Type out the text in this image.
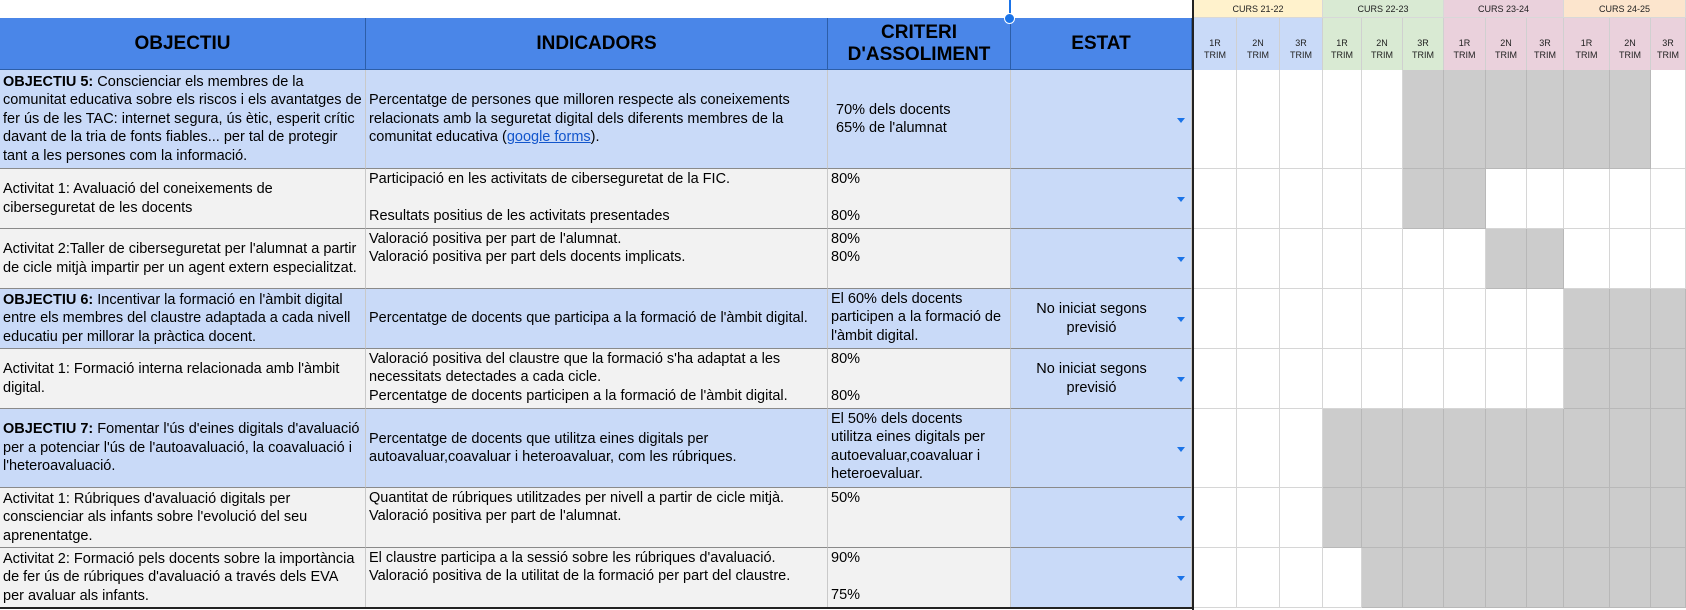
OBJECTIU	INDICADORS
CRITERI D'ASSOLIMENT
ESTAT
CURS 21-22
1R
TRIM
2N
TRIM
3R
TRIM
CURS 22-23
1R
TRIM
2N
TRIM
3R
TRIM
CURS 23-24
1R
TRIM
2N
TRIM
3R
TRIM
CURS 24-25
1R
TRIM
2N
TRIM
3R
TRIM
OBJECTIU 5: Conscienciar els membres de la comunitat educativa sobre els riscos i els avantatges de fer ús de les TAC: internet segura, ús ètic, esperit crític davant de la tria de fonts fiables... per tal de protegir tant a les persones com la informació.
Percentatge de persones que milloren respecte als coneixements relacionats amb la seguretat digital dels diferents membres de la comunitat educativa (google forms).
70% dels docents
65% de l'alumnat
Activitat 1: Avaluació del coneixements de ciberseguretat de les docents
Participació en les activitats de ciberseguretat de la FIC.

Resultats positius de les activitats presentades
80%

80%
Activitat 2:Taller de ciberseguretat per l'alumnat a partir de cicle mitjà impartir per un agent extern especialitzat.
Valoració positiva per part de l'alumnat.
Valoració positiva per part dels docents implicats.
80%
80%
OBJECTIU 6: Incentivar la formació en l'àmbit digital entre els membres del claustre adaptada a cada nivell educatiu per millorar la pràctica docent.
Percentatge de docents que participa a la formació de l'àmbit digital.
El 60% dels docents participen a la formació de l'àmbit digital.
No iniciat segons previsió
Activitat 1: Formació interna relacionada amb l'àmbit digital.
Valoració positiva del claustre que la formació s'ha adaptat a les necessitats detectades a cada cicle.
Percentatge de docents participen a la formació de l'àmbit digital.
80%

80%
No iniciat segons previsió
OBJECTIU 7: Fomentar l'ús d'eines digitals d'avaluació per a potenciar l'ús de l'autoavaluació, la coavaluació i l'heteroavaluació.
Percentatge de docents que utilitza eines digitals per autoavaluar,coavaluar i heteroavaluar, com les rúbriques.
El 50% dels docents utilitza eines digitals per autoevaluar,coavaluar i heteroevaluar.
Activitat 1: Rúbriques d'avaluació digitals per conscienciar als infants sobre l'evolució del seu aprenentatge.
Quantitat de rúbriques utilitzades per nivell a partir de cicle mitjà.
Valoració positiva per part de l'alumnat.
50%

Activitat 2: Formació pels docents sobre la importància de fer ús de rúbriques d'avaluació a través dels EVA per avaluar als infants.
El claustre participa a la sessió sobre les rúbriques d'avaluació.
Valoració positiva de la utilitat de la formació per part del claustre.
90%

75%
